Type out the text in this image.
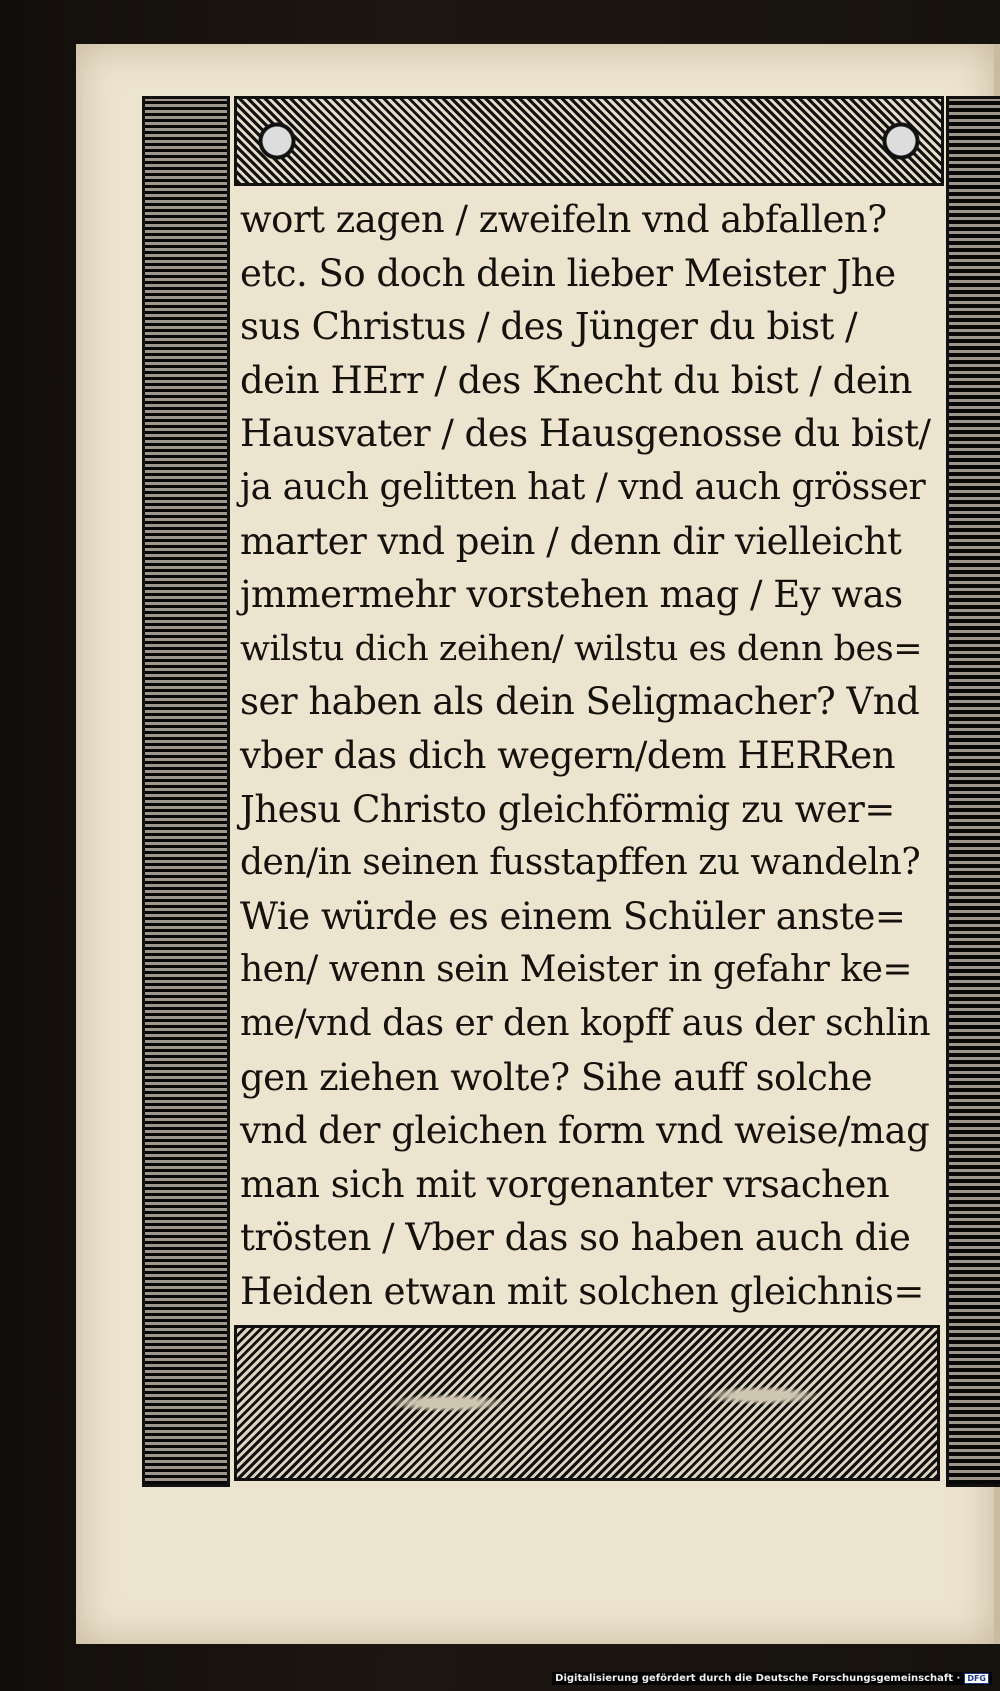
wort zagen / zweifeln vnd abfallen?
etc. So doch dein lieber Meister Jhe
sus Christus / des Jünger du bist /
dein HErr / des Knecht du bist / dein
Hausvater / des Hausgenosse du bist/
ja auch gelitten hat / vnd auch grösser
marter vnd pein / denn dir vielleicht
jmmermehr vorstehen mag / Ey was
wilstu dich zeihen/ wilstu es denn bes=
ser haben als dein Seligmacher? Vnd
vber das dich wegern/dem HERRen
Jhesu Christo gleichförmig zu wer=
den/in seinen fusstapffen zu wandeln?
Wie würde es einem Schüler anste=
hen/ wenn sein Meister in gefahr ke=
me/vnd das er den kopff aus der schlin
gen ziehen wolte? Sihe auff solche
vnd der gleichen form vnd weise/mag
man sich mit vorgenanter vrsachen
trösten / Vber das so haben auch die
Heiden etwan mit solchen gleichnis=
Digitalisierung gefördert durch die Deutsche Forschungsgemeinschaft · DFG
